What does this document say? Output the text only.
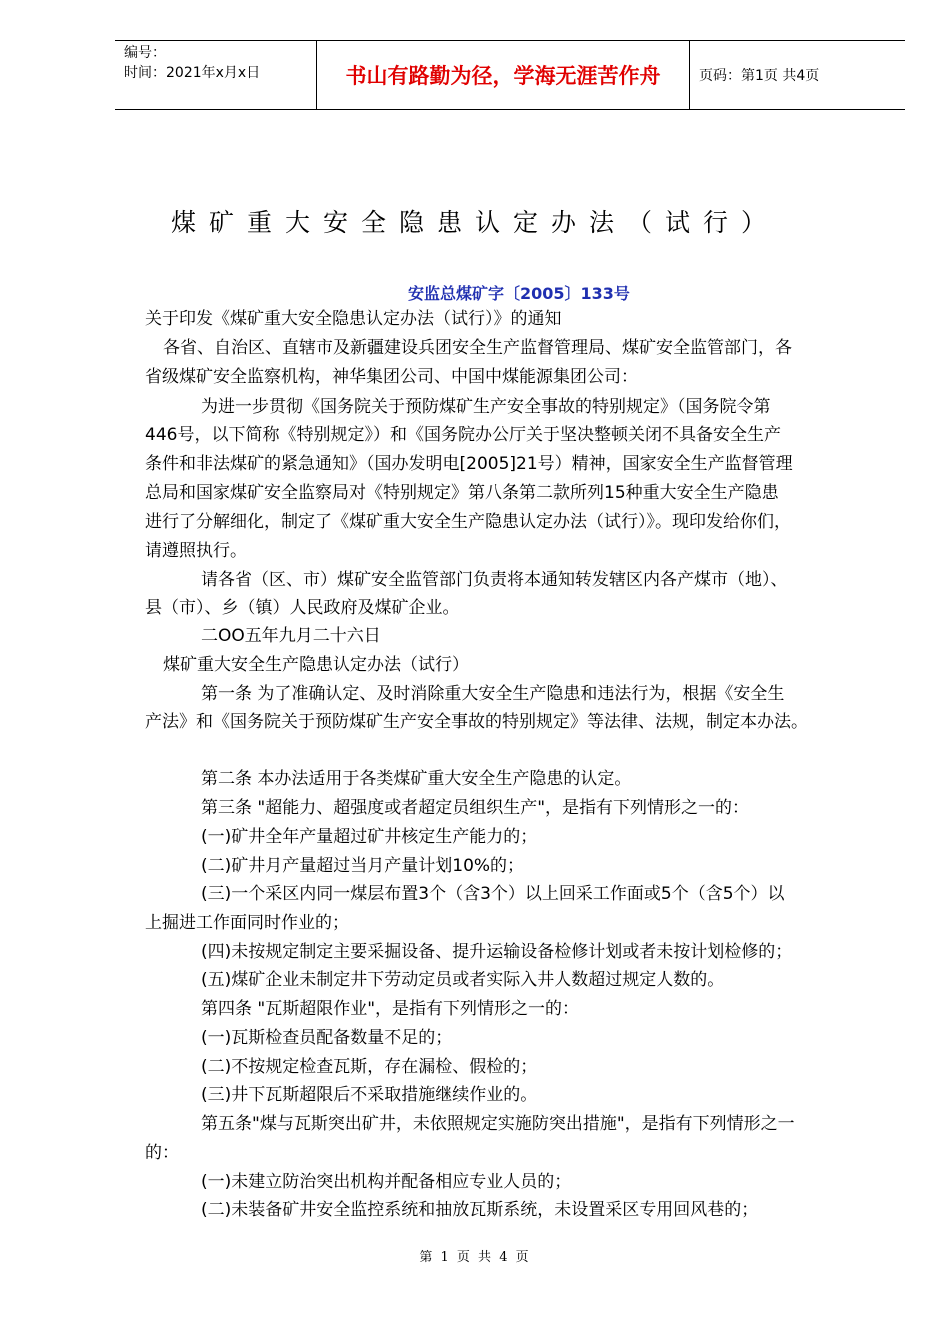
编号：
时间：2021年x月x日	书山有路勤为径，学海无涯苦作舟	页码：第1页 共4页
煤矿重大安全隐患认定办法（试行）
安监总煤矿字〔2005〕133号
关于印发《煤矿重大安全隐患认定办法（试行）》的通知
各省、自治区、直辖市及新疆建设兵团安全生产监督管理局、煤矿安全监管部门，各
省级煤矿安全监察机构，神华集团公司、中国中煤能源集团公司：
为进一步贯彻《国务院关于预防煤矿生产安全事故的特别规定》（国务院令第
446号，以下简称《特别规定》）和《国务院办公厅关于坚决整顿关闭不具备安全生产
条件和非法煤矿的紧急通知》（国办发明电[2005]21号）精神，国家安全生产监督管理
总局和国家煤矿安全监察局对《特别规定》第八条第二款所列15种重大安全生产隐患
进行了分解细化，制定了《煤矿重大安全生产隐患认定办法（试行）》。现印发给你们，
请遵照执行。
请各省（区、市）煤矿安全监管部门负责将本通知转发辖区内各产煤市（地）、
县（市）、乡（镇）人民政府及煤矿企业。
二OO五年九月二十六日
煤矿重大安全生产隐患认定办法（试行）
第一条 为了准确认定、及时消除重大安全生产隐患和违法行为，根据《安全生
产法》和《国务院关于预防煤矿生产安全事故的特别规定》等法律、法规，制定本办法。
第二条 本办法适用于各类煤矿重大安全生产隐患的认定。
第三条 "超能力、超强度或者超定员组织生产"，是指有下列情形之一的：
(一)矿井全年产量超过矿井核定生产能力的；
(二)矿井月产量超过当月产量计划10%的；
(三)一个采区内同一煤层布置3个（含3个）以上回采工作面或5个（含5个）以
上掘进工作面同时作业的；
(四)未按规定制定主要采掘设备、提升运输设备检修计划或者未按计划检修的；
(五)煤矿企业未制定井下劳动定员或者实际入井人数超过规定人数的。
第四条 "瓦斯超限作业"，是指有下列情形之一的：
(一)瓦斯检查员配备数量不足的；
(二)不按规定检查瓦斯，存在漏检、假检的；
(三)井下瓦斯超限后不采取措施继续作业的。
第五条"煤与瓦斯突出矿井，未依照规定实施防突出措施"，是指有下列情形之一
的：
(一)未建立防治突出机构并配备相应专业人员的；
(二)未装备矿井安全监控系统和抽放瓦斯系统，未设置采区专用回风巷的；
第 1 页 共 4 页
